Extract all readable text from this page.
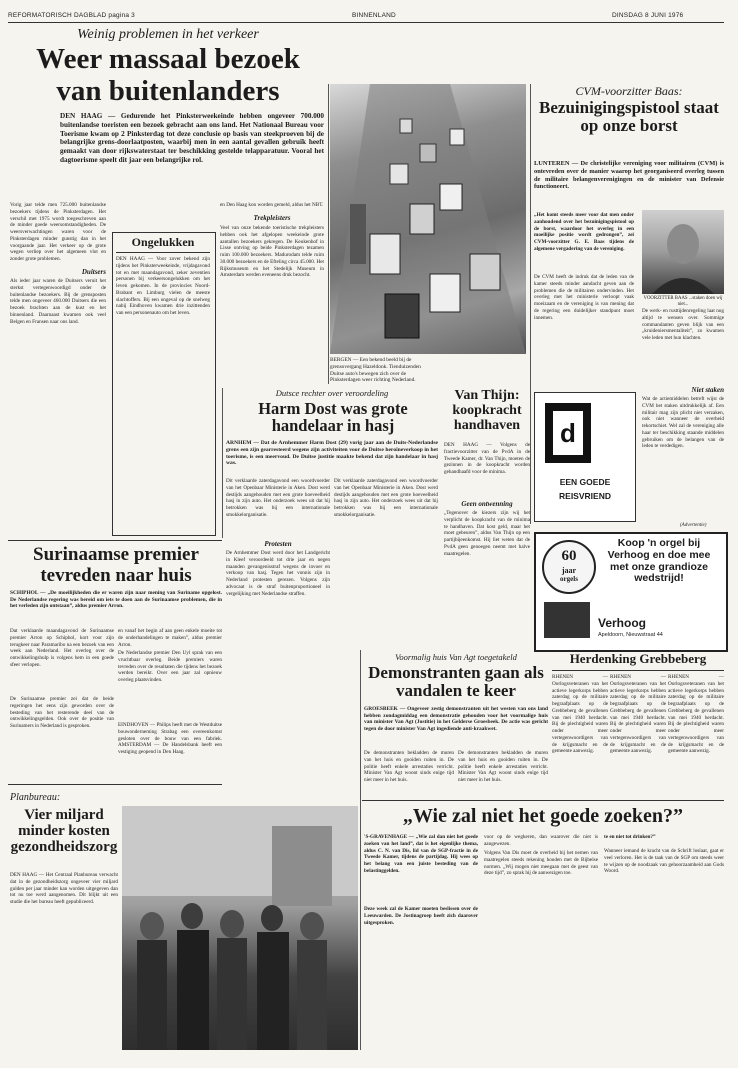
REFORMATORISCH DAGBLAD pagina 3	BINNENLAND	DINSDAG 8 JUNI 1976
Weinig problemen in het verkeer
Weer massaal bezoek
van buitenlanders
DEN HAAG — Gedurende het Pinksterweekeinde hebben ongeveer 700.000 buitenlandse toeristen een bezoek gebracht aan ons land. Het Nationaal Bureau voor Toerisme kwam op 2 Pinksterdag tot deze conclusie op basis van steekproeven bij de belangrijke grens-doorlaatposten, waarbij men in een aantal gevallen gebruik heeft gemaakt van door rijkswaterstaat ter beschikking gestelde telapparatuur. Vooral het dagtoerisme speelt dit jaar een belangrijke rol.
Vorig jaar telde men 725.000 buitenlandse bezoekers tijdens de Pinksterdagen. Het verschil met 1975 wordt toegeschreven aan de minder goede weersomstandigheden. De weersverwachtingen waren voor de Pinksterdagen minder gunstig dan in het voorgaande jaar. Het verkeer op de grote wegen verliep over het algemeen vlot en zonder grote problemen.
Duitsers
Als ieder jaar waren de Duitsers veruit het sterkst vertegenwoordigd onder de buitenlandse bezoekers. Bij de grensposten telde men ongeveer 460.000 Duitsers die een bezoek brachten aan de kust en het binnenland. Daarnaast kwamen ook veel Belgen en Fransen naar ons land.
Ongelukken
DEN HAAG — Voor zover bekend zijn tijdens het Pinksterweekeinde, vrijdagavond tot en met maandagavond, zeker zeventien personen bij verkeersongelukken om het leven gekomen. In de provincies Noord-Brabant en Limburg vielen de meeste slachtoffers. Bij een ongeval op de snelweg nabij Eindhoven kwamen drie inzittenden van een personenauto om het leven.
en Den Haag kon worden gemeld, aldus het NBT.
Trekpleisters
Veel van onze bekende toeristische trekpleisters hebben ook het afgelopen weekeinde grote aantallen bezoekers gekregen. De Keukenhof in Lisse ontving op beide Pinksterdagen tezamen ruim 100.000 bezoekers. Madurodam telde ruim 30.000 bezoekers en de Efteling circa 45.000. Het Rijksmuseum en het Stedelijk Museum in Amsterdam werden eveneens druk bezocht.
BERGEN — Een bekend beeld bij de grensovergang Hazeldonk. Tienduizenden Duitse auto's bewegen zich over de Pinksterdagen weer richting Nederland.
CVM-voorzitter Baas:
Bezuinigingspistool staat op onze borst
LUNTEREN — De christelijke vereniging voor militairen (CVM) is ontevreden over de manier waarop het georganiseerd overleg tussen de militaire belangenverenigingen en de minister van Defensie functioneert.
„Het komt steeds meer voor dat men onder aanhoudend over het bezuinigingspistool op de borst, waardoor het overleg in een moeilijke positie wordt gedrongen”, zei CVM-voorzitter G. E. Baas tijdens de algemene vergadering van de vereniging.
De CVM heeft de indruk dat de leden van de kamer steeds minder aandacht geven aan de problemen die de militairen ondervinden. Het overleg met het ministerie verloopt vaak moeizaam en de vereniging is van mening dat de regering een duidelijker standpunt moet innemen.
VOORZITTER BAAS ...staken doen wij niet...
De werk- en rusttijdenregeling laat nog altijd te wensen over. Sommige commandanten geven blijk van een „kruideniersmentaliteit”, zo kwamen vele leden met hun klachten.
Niet staken
Wat de actiemiddelen betreft wijst de CVM het staken uitdrukkelijk af. Een militair mag zijn plicht niet verzaken, ook niet wanneer de overheid tekortschiet. Wel zal de vereniging alle haar ter beschikking staande middelen gebruiken om de belangen van de leden te verdedigen.
d
EEN GOEDE
REISVRIEND
(Advertentie)
60
jaar
orgels
Koop 'n orgel bij Verhoog en doe mee met onze grandioze wedstrijd!
Verhoog
Apeldoorn, Nieuwstraat 44
Dutsce rechter over veroordeling
Harm Dost was grote handelaar in hasj
ARNHEM — Dat de Arnhemmer Harm Dost (29) vorig jaar aan de Duits-Nederlandse grens een zijn gearresteerd wegens zijn activiteiten voor de Duitse heroïneverkoop in het toerisme, is een meervoud. De Duitse justitie maakte bekend dat zijn handelaar in hasj was.
Dit verklaarde zaterdagavond een woordvoerder van het Openbaar Ministerie in Aken. Dost werd destijds aangehouden met een grote hoeveelheid hasj in zijn auto. Het onderzoek wees uit dat hij betrokken was bij een internationale smokkelorganisatie.
Protesten
De Arnhemmer Dost werd door het Landgericht in Kleef veroordeeld tot drie jaar en negen maanden gevangenisstraf wegens de invoer en verkoop van hasj. Tegen het vonnis zijn in Nederland protesten gerezen. Volgens zijn advocaat is de straf buitenproportioneel in vergelijking met Nederlandse straffen.
Dit verklaarde zaterdagavond een woordvoerder van het Openbaar Ministerie in Aken. Dost werd destijds aangehouden met een grote hoeveelheid hasj in zijn auto. Het onderzoek wees uit dat hij betrokken was bij een internationale smokkelorganisatie.
Van Thijn: koopkracht handhaven
DEN HAAG — Volgens de fractievoorzitter van de PvdA in de Tweede Kamer, dr. Van Thijn, moeten de gezinnen in de koopkracht worden gehandhaafd voor de minima.
Geen ontwenning
„Tegenover de kiezers zijn wij het verplicht de koopkracht van de minima te handhaven. Dat kost geld, maar het moet gebeuren”, aldus Van Thijn op een partijbijeenkomst. Hij liet weten dat de PvdA geen genoegen neemt met halve maatregelen.
Surinaamse premier
tevreden naar huis
SCHIPHOL — „De moeilijkheden die er waren zijn naar mening van Suriname opgelost. De Nederlandse regering was bereid om iets te doen aan de Surinaamse problemen, die in het verleden zijn ontstaan”, aldus premier Arron.
Dat verklaarde maandagavond de Surinaamse premier Arron op Schiphol, kort voor zijn terugkeer naar Paramaribo na een bezoek van een week aan Nederland. Het overleg over de ontwikkelingshulp is volgens hem in een goede sfeer verlopen.
De Surinaamse premier zei dat de beide regeringen het eens zijn geworden over de besteding van het resterende deel van de ontwikkelingsgelden. Ook over de positie van Surinamers in Nederland is gesproken.
en vanaf het begin af aan geen enkele moeite tot de onderhandelingen te maken”, aldus premier Arron.
De Nederlandse premier Den Uyl sprak van een vruchtbaar overleg. Beide premiers waren tevreden over de resultaten die tijdens het bezoek werden bereikt. Over een jaar zal opnieuw overleg plaatsvinden.
EINDHOVEN — Philips heeft met de Westduitse bouwonderneming Strabag een overeenkomst gesloten over de bouw van een fabriek. AMSTERDAM — De Handelsbank heeft een vestiging geopend in Den Haag.
Planbureau:
Vier miljard minder kosten gezondheidszorg
DEN HAAG — Het Centraal Planbureau verwacht dat in de gezondheidszorg ongeveer vier miljard gulden per jaar minder kan worden uitgegeven dan tot nu toe werd aangenomen. Dit blijkt uit een studie die het bureau heeft gepubliceerd.
Voormalig huis Van Agt toegetakeld
Demonstranten gaan als vandalen te keer
GROESBEEK — Ongeveer zestig demonstranten uit het westen van ons land hebben zondagmiddag een demonstratie gehouden voor het voormalige huis van minister Van Agt (Justitie) in het Gelderse Groesbeek. De actie was gericht tegen de door minister Van Agt ingediende anti-kraakwet.
De demonstranten bekladden de muren van het huis en gooiden ruiten in. De politie heeft enkele arrestaties verricht. Minister Van Agt woont sinds enige tijd niet meer in het huis.
De demonstranten bekladden de muren van het huis en gooiden ruiten in. De politie heeft enkele arrestaties verricht. Minister Van Agt woont sinds enige tijd niet meer in het huis.
Herdenking Grebbeberg
RHENEN — Oorlogsveteranen van het actieve legerkorps hebben zaterdag op de militaire begraafplaats op de Grebbeberg de gevallenen van mei 1940 herdacht. Bij de plechtigheid waren onder meer vertegenwoordigers van de krijgsmacht en de gemeente aanwezig.
RHENEN — Oorlogsveteranen van het actieve legerkorps hebben zaterdag op de militaire begraafplaats op de Grebbeberg de gevallenen van mei 1940 herdacht. Bij de plechtigheid waren onder meer vertegenwoordigers van de krijgsmacht en de gemeente aanwezig.
RHENEN — Oorlogsveteranen van het actieve legerkorps hebben zaterdag op de militaire begraafplaats op de Grebbeberg de gevallenen van mei 1940 herdacht. Bij de plechtigheid waren onder meer vertegenwoordigers van de krijgsmacht en de gemeente aanwezig.
„Wie zal niet het goede zoeken?”
'S-GRAVENHAGE — „Wie zal dan niet het goede zoeken van het land”, dat is het eigenlijke thema, aldus C. N. van Dis, lid van de SGP-fractie in de Tweede Kamer, tijdens de partijdag. Hij wees op het belang van een juiste besteding van de belastinggelden.
Deze week zal de Kamer moeten beslissen over de Leeuwarden. De Jostinagroep heeft zich daarover uitgesproken.
voor op de wegkeren, dan waarover die niet is aangewezen.
Volgens Van Dis moet de overheid bij het nemen van maatregelen steeds rekening houden met de Bijbelse normen. „Wij mogen niet meegaan met de geest van deze tijd”, zo sprak hij de aanwezigen toe.
te en niet tot drinken?”
Wanneer iemand de kracht van de Schrift loslaat, gaat er veel verloren. Het is de taak van de SGP om steeds weer te wijzen op de noodzaak van gehoorzaamheid aan Gods Woord.
